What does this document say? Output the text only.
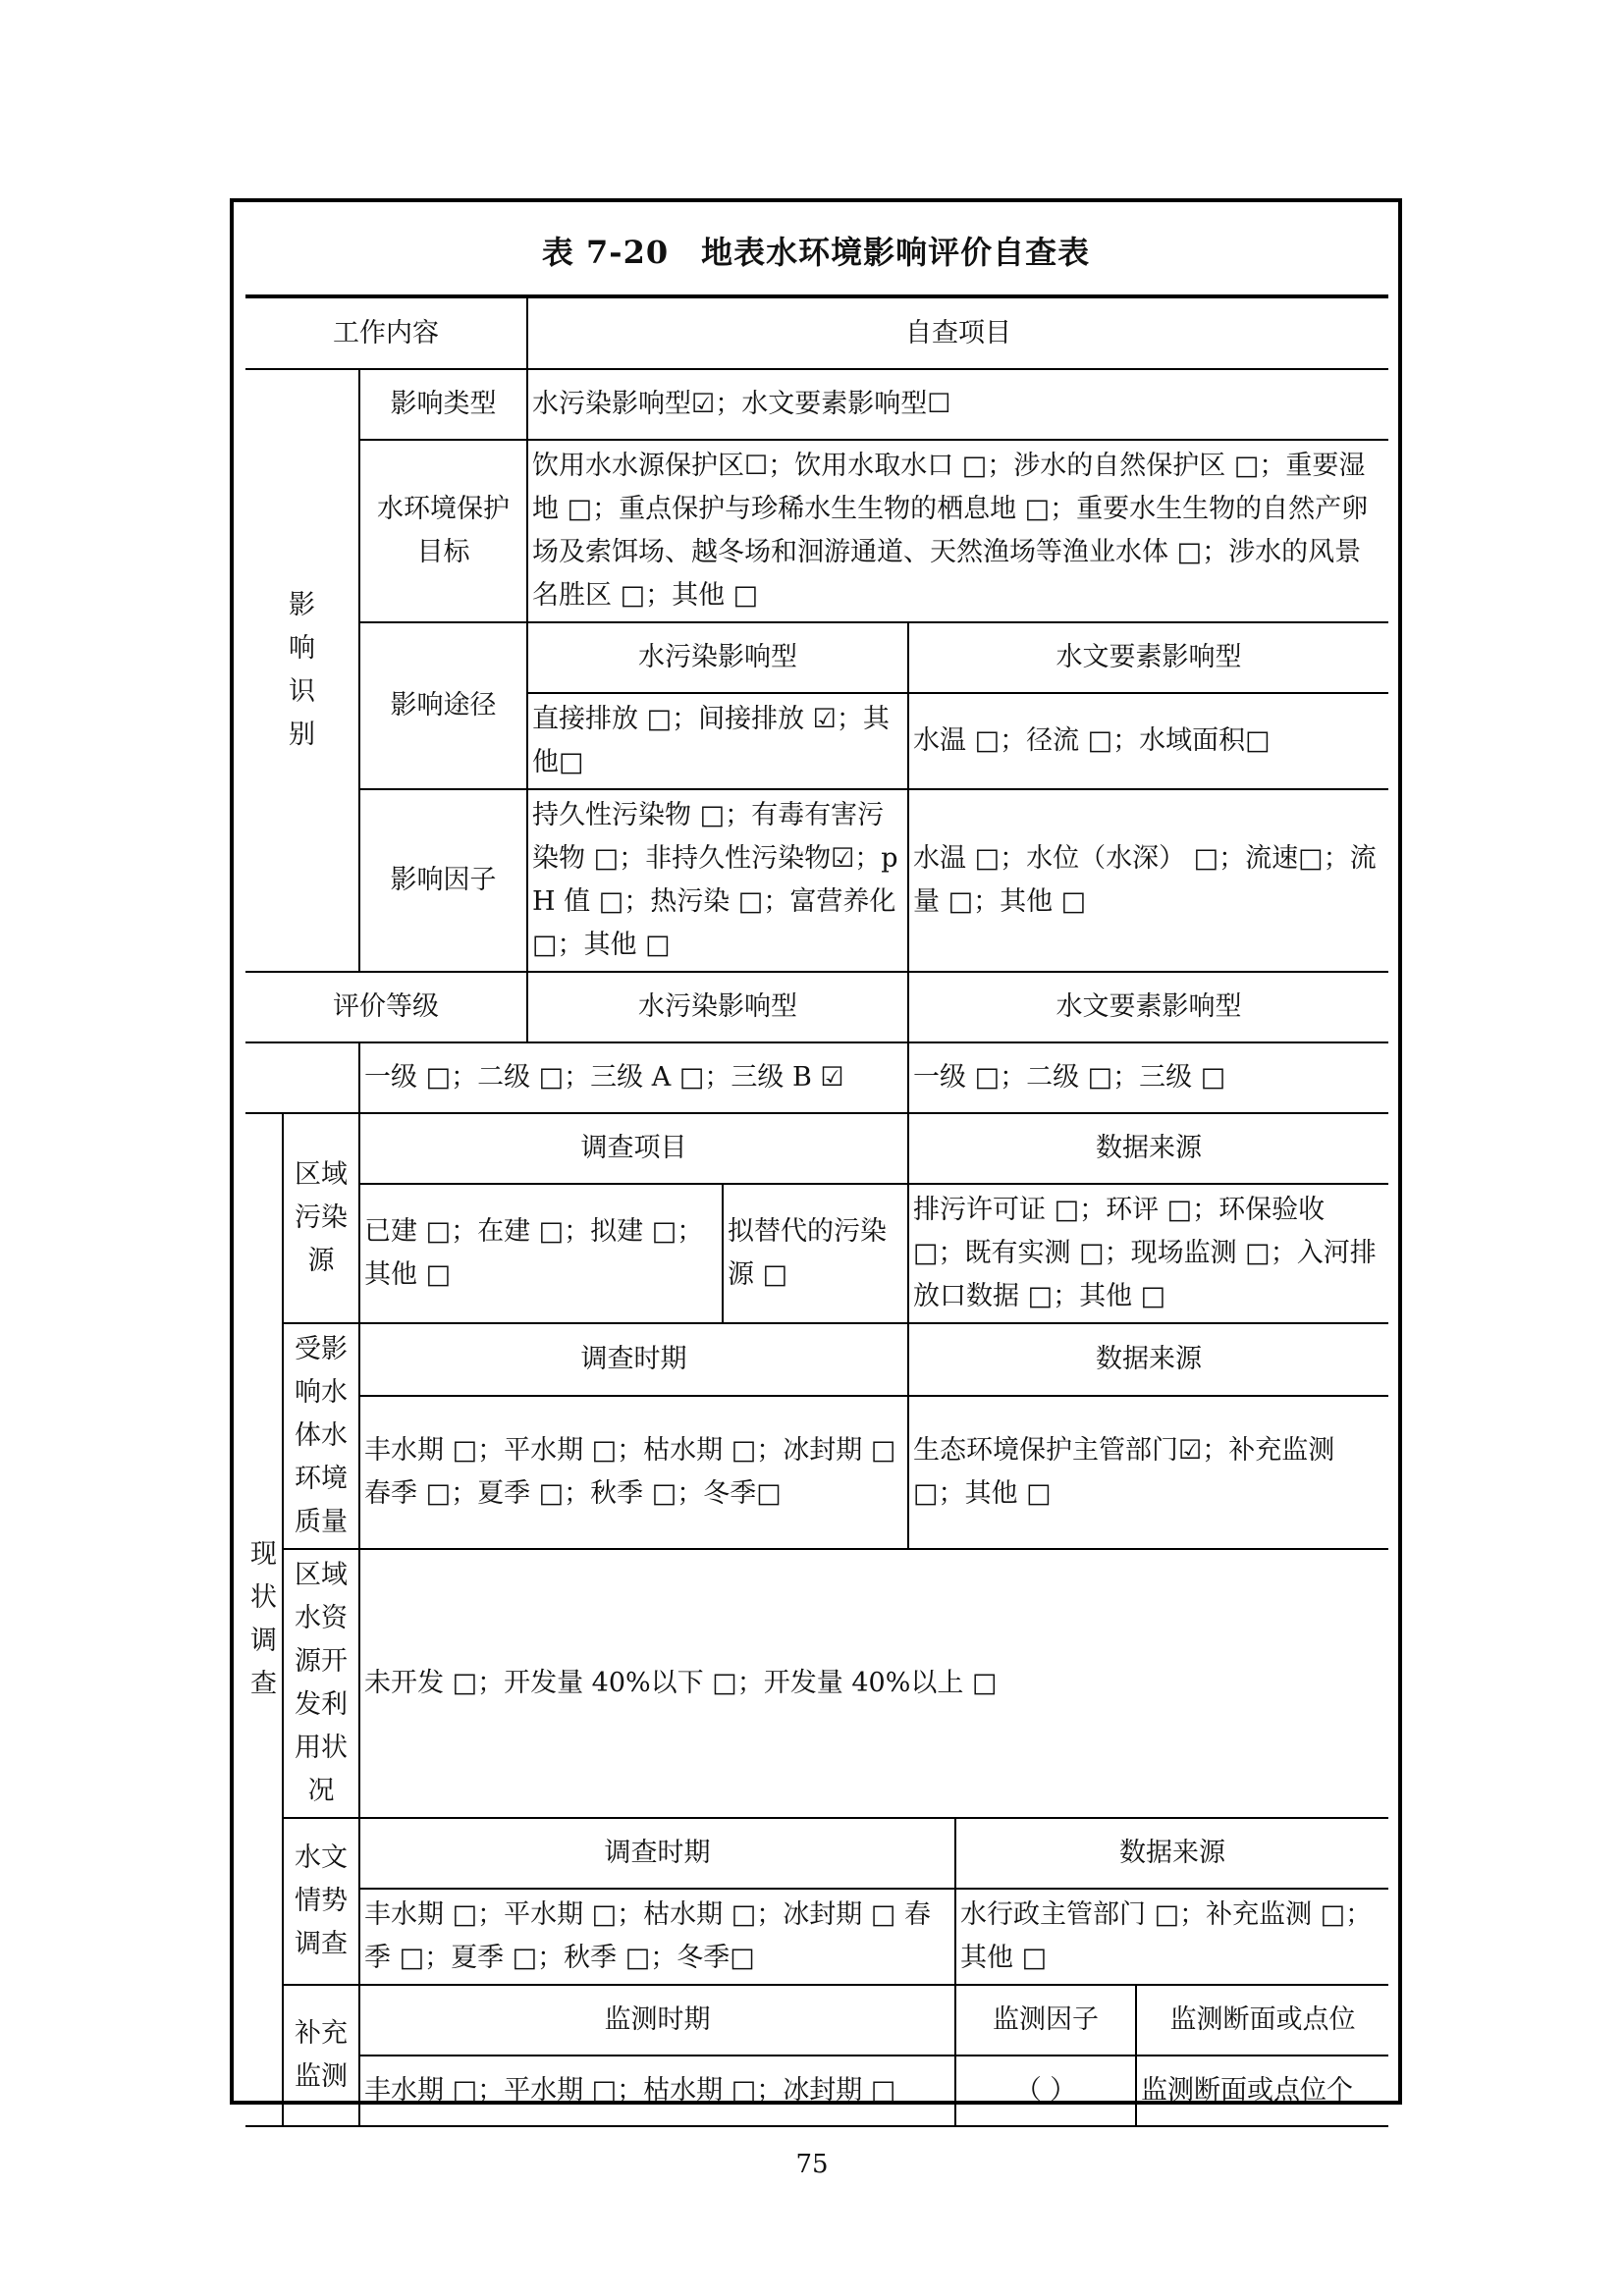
表 7-20　地表水环境影响评价自查表
工作内容			自查项目				

影
响
识
别		影响类型	水污染影响型☑；水文要素影响型☐				
		水环境保护目标	饮用水水源保护区☐；饮用水取水口 □；涉水的自然保护区 □；重要湿地 □；重点保护与珍稀水生生物的栖息地 □；重要水生生物的自然产卵场及索饵场、越冬场和洄游通道、天然渔场等渔业水体 □；涉水的风景名胜区 □；其他 □				
		影响途径	水污染影响型		水文要素影响型		
			直接排放 □；间接排放 ☑；其他□		水温 □；径流 □；水域面积□		
		影响因子	持久性污染物 □；有毒有害污染物 □；非持久性污染物☑；pH 值 □；热污染 □；富营养化 □；其他 □		水温 □；水位（水深） □；流速□；流量 □；其他 □		

评价等级			水污染影响型		水文要素影响型		
		一级 □；二级 □；三级 A □；三级 B ☑			一级 □；二级 □；三级 □		

现
状
调
查	区域污染源	调查项目			数据来源		
		已建 □；在建 □；拟建 □；其他 □		拟替代的污染源 □	排污许可证 □；环评 □；环保验收 □；既有实测 □；现场监测 □；入河排放口数据 □；其他 □		
	受影响水体水环境质量	调查时期			数据来源		
		丰水期 □；平水期 □；枯水期 □；冰封期 □ 春季 □；夏季 □；秋季 □；冬季□			生态环境保护主管部门☑；补充监测 □；其他 □		
	区域水资源开发利用状况	未开发 □；开发量 40%以下 □；开发量 40%以上 □					
	水文情势调查	调查时期				数据来源	
		丰水期 □；平水期 □；枯水期 □；冰封期 □ 春季 □；夏季 □；秋季 □；冬季□				水行政主管部门 □；补充监测 □；其他 □	
	补充监测	监测时期				监测因子	监测断面或点位
		丰水期 □；平水期 □；枯水期 □；冰封期 □				（ ）	监测断面或点位个

75
